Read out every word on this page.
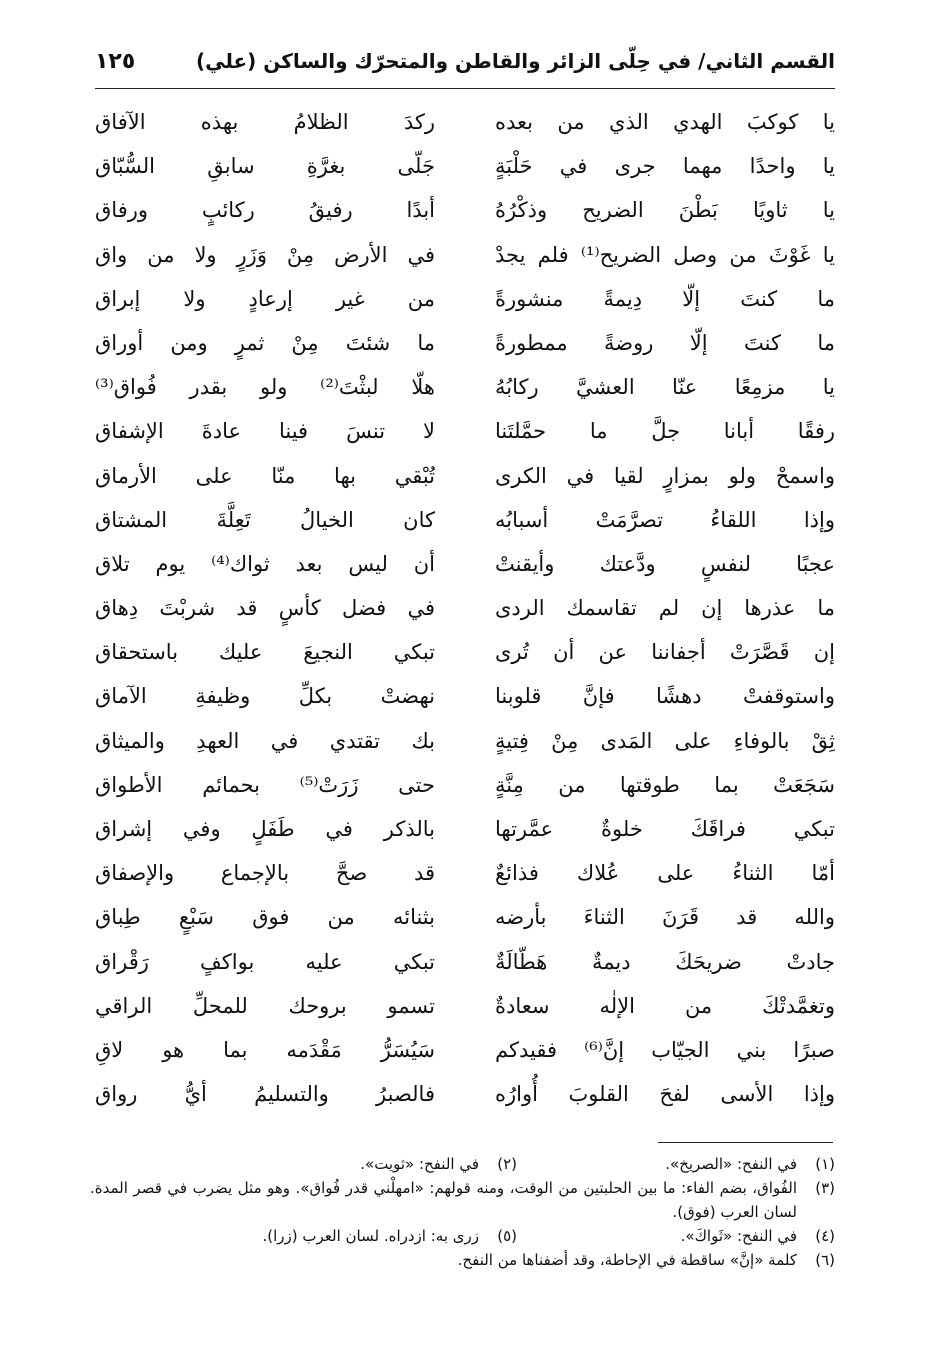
القسم الثاني/ في حِلّى الزائر والقاطن والمتحرّك والساكن (علي)
١٢٥
يا كوكبَ الهدي الذي من بعده
يا واحدًا مهما جرى في حَلْبَةٍ
يا ثاويًا بَطْنَ الضريح وذكْرُهُ
يا غَوْثَ من وصل الضريح⁽¹⁾ فلم يجدْ
ما كنتَ إلّا دِيمةً منشورةً
ما كنتَ إلّا روضةً ممطورةً
يا مزمِعًا عنّا العشيَّ ركابُهُ
رفقًا أبانا جلَّ ما حمَّلتَنا
واسمحْ ولو بمزارٍ لقيا في الكرى
وإذا اللقاءُ تصرَّمَتْ أسبابُه
عجبًا لنفسٍ ودَّعتك وأيقنتْ
ما عذرها إن لم تقاسمك الردى
إن قَصَّرَتْ أجفاننا عن أن تُرى
واستوقفتْ دهشًا فإنَّ قلوبنا
ثِقْ بالوفاءِ على المَدى مِنْ فِتيةٍ
سَجَعَتْ بما طوقتها من مِنَّةٍ
تبكي فراقَكَ خلوةٌ عمَّرتها
أمّا الثناءُ على عُلاك فذائعٌ
والله قد قَرَنَ الثناءَ بأرضه
جادتْ ضريحَكَ ديمةٌ هَطّالَةٌ
وتغمَّدتْكَ من الإلٰه سعادةٌ
صبرًا بني الجيّاب إنَّ⁽⁶⁾ فقيدكم
وإذا الأسى لفحَ القلوبَ أُوارُه
ركدَ الظلامُ بهذه الآفاق
جَلّى بغرَّةِ سابقِ السُّبّاق
أبدًا رفيقُ ركائبٍ ورفاق
في الأرض مِنْ وَزَرٍ ولا من واق
من غير إرعادٍ ولا إبراق
ما شئتَ مِنْ ثمرٍ ومن أوراق
هلّا لبثْتَ⁽²⁾ ولو بقدر فُواق⁽³⁾
لا تنسَ فينا عادةَ الإشفاق
تُبْقي بها منّا على الأرماق
كان الخيالُ تَعِلَّةَ المشتاق
أن ليس بعد ثواك⁽⁴⁾ يوم تلاق
في فضل كأسٍ قد شربْتَ دِهاق
تبكي النجيعَ عليك باستحقاق
نهضتْ بكلِّ وظيفةِ الآماق
بك تقتدي في العهدِ والميثاق
حتى زَرَتْ⁽⁵⁾ بحمائم الأطواق
بالذكر في طَفَلٍ وفي إشراق
قد صحَّ بالإجماع والإصفاق
بثنائه من فوق سَبْعٍ طِباق
تبكي عليه بواكفٍ رَقْراق
تسمو بروحك للمحلِّ الراقي
سَيُسَرُّ مَقْدَمه بما هو لاقِ
فالصبرُ والتسليمُ أيُّ رواق
(١)
في النفح: «الصريخ».
(٢)
في النفح: «ثويت».
(٣)
الفُواق، بضم الفاء: ما بين الحلبتين من الوقت، ومنه قولهم: «امهلْني قدر فُواق». وهو مثل يضرب في قصر المدة. لسان العرب (فوق).
(٤)
في النفح: «ثَواكَ».
(٥)
زرى به: ازدراه. لسان العرب (زرا).
(٦)
كلمة «إنَّ» ساقطة في الإحاطة، وقد أضفناها من النفح.
